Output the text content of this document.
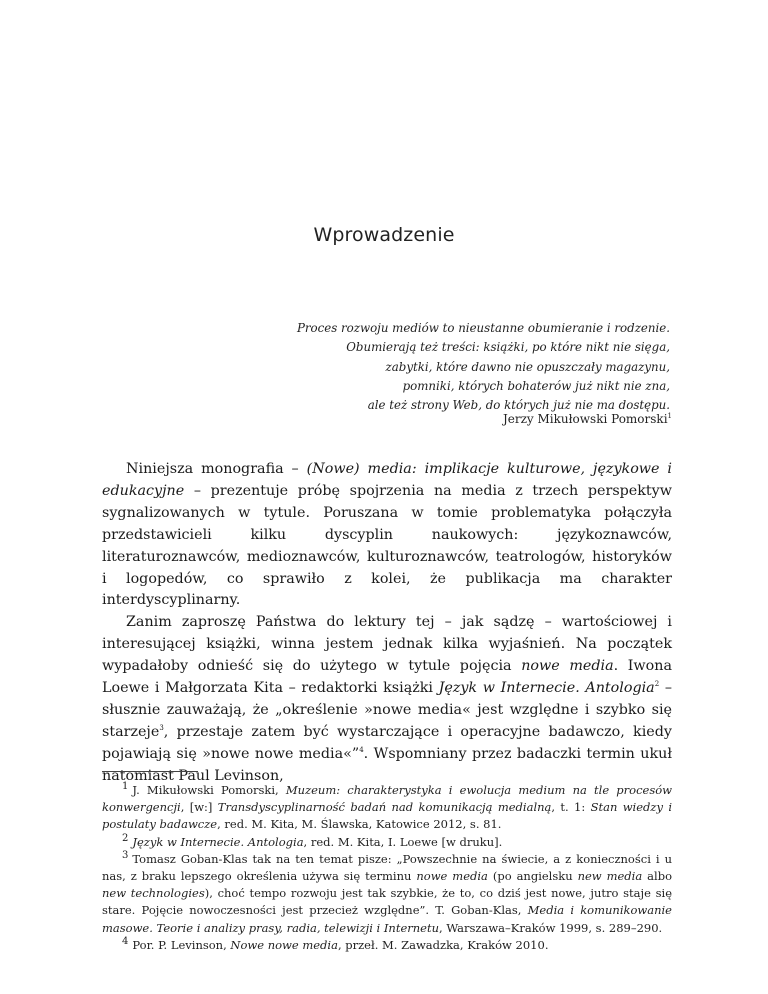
Wprowadzenie
Proces rozwoju mediów to nieustanne obumieranie i rodzenie.
Obumierają też treści: książki, po które nikt nie sięga,
zabytki, które dawno nie opuszczały magazynu,
pomniki, których bohaterów już nikt nie zna,
ale też strony Web, do których już nie ma dostępu.
Jerzy Mikułowski Pomorski$^1$

Niniejsza monografia – (Nowe) media: implikacje kulturowe, językowe i edukacyjne – prezentuje próbę spojrzenia na media z trzech perspektyw sygnalizowanych w tytule. Poruszana w tomie problematyka połączyła przedstawicieli kilku dyscyplin naukowych: językoznawców, literaturoznawców, medioznawców, kulturoznawców, teatrologów, historyków i logopedów, co sprawiło z kolei, że publikacja ma charakter interdyscyplinarny.

Zanim zaproszę Państwa do lektury tej – jak sądzę – wartościowej i interesującej książki, winna jestem jednak kilka wyjaśnień. Na początek wypadałoby odnieść się do użytego w tytule pojęcia nowe media. Iwona Loewe i Małgorzata Kita – redaktorki książki Język w Internecie. Antologia$^2$ – słusznie zauważają, że „określenie »nowe media« jest względne i szybko się starzeje$^3$, przestaje zatem być wystarczające i operacyjne badawczo, kiedy pojawiają się »nowe nowe media«”$^4$. Wspomniany przez badaczki termin ukuł natomiast Paul Levinson,

$^1$ J. Mikułowski Pomorski, Muzeum: charakterystyka i ewolucja medium na tle procesów konwergencji, [w:] Transdyscyplinarność badań nad komunikacją medialną, t. 1: Stan wiedzy i postulaty badawcze, red. M. Kita, M. Ślawska, Katowice 2012, s. 81.

$^2$ Język w Internecie. Antologia, red. M. Kita, I. Loewe [w druku].

$^3$ Tomasz Goban-Klas tak na ten temat pisze: „Powszechnie na świecie, a z konieczności i u nas, z braku lepszego określenia używa się terminu nowe media (po angielsku new media albo new technologies), choć tempo rozwoju jest tak szybkie, że to, co dziś jest nowe, jutro staje się stare. Pojęcie nowoczesności jest przecież względne”. T. Goban-Klas, Media i komunikowanie masowe. Teorie i analizy prasy, radia, telewizji i Internetu, Warszawa–Kraków 1999, s. 289–290.

$^4$ Por. P. Levinson, Nowe nowe media, przeł. M. Zawadzka, Kraków 2010.
